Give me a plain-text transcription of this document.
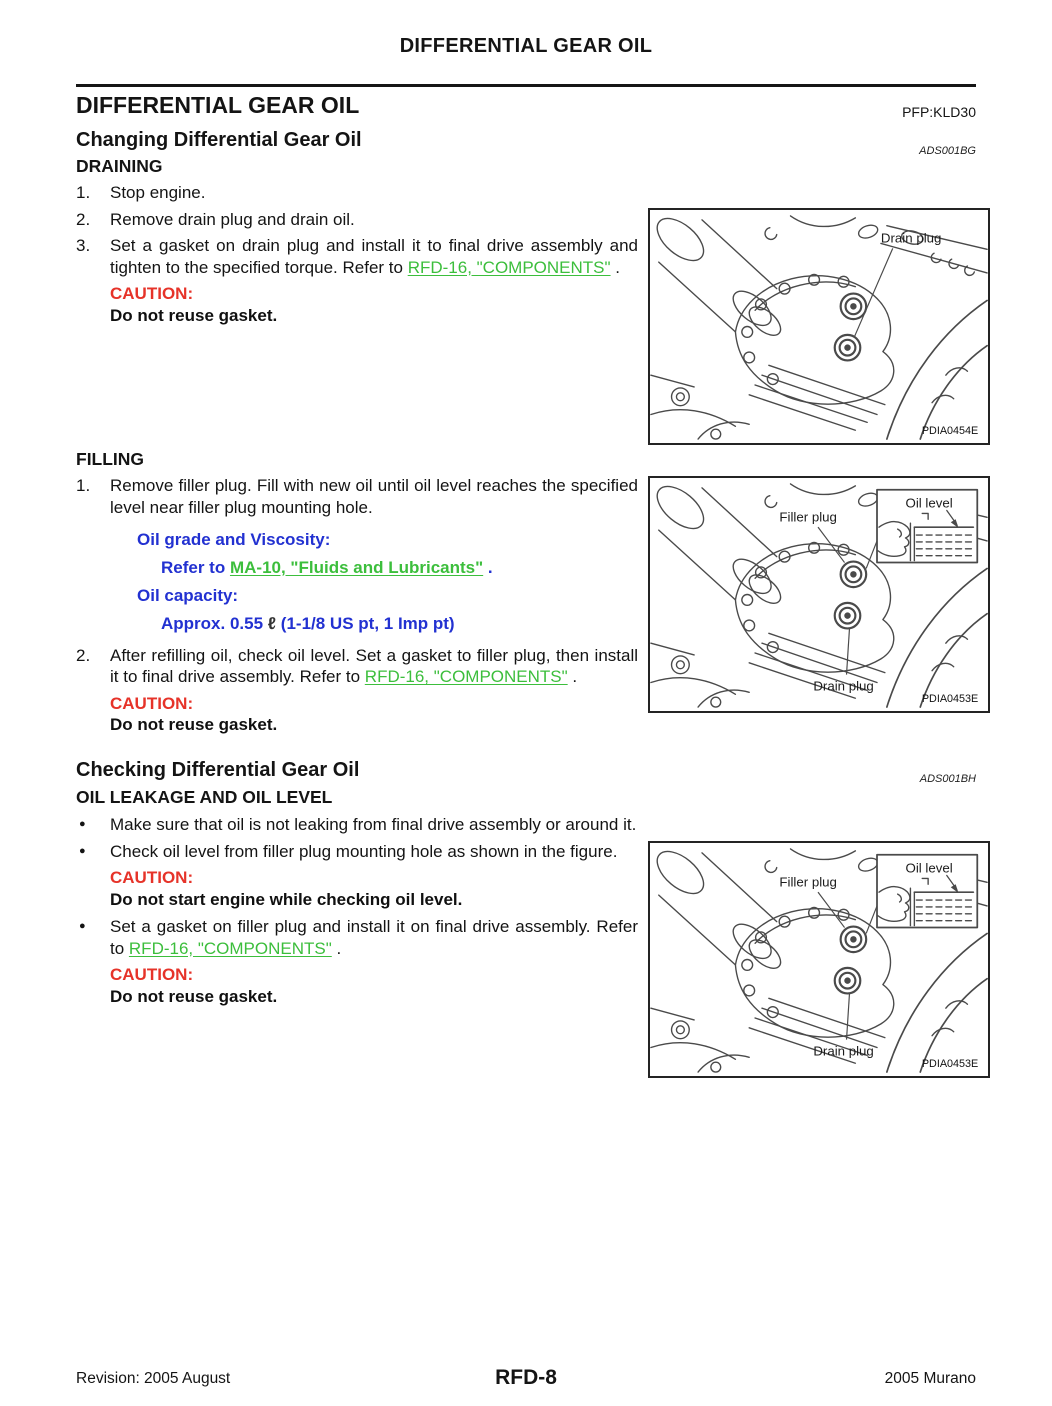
DIFFERENTIAL GEAR OIL
DIFFERENTIAL GEAR OIL	PFP:KLD30
Changing Differential Gear Oil	ADS001BG
DRAINING
1.	Stop engine.
2.	Remove drain plug and drain oil.
3.	Set a gasket on drain plug and install it to final drive assembly and tighten to the specified torque. Refer to RFD-16, "COMPONENTS" .
CAUTION:
Do not reuse gasket.
Drain plug
PDIA0454E
FILLING
1.	Remove filler plug. Fill with new oil until oil level reaches the specified level near filler plug mounting hole.
Oil grade and Viscosity:
Refer to MA-10, "Fluids and Lubricants" .
Oil capacity:
Approx. 0.55 ℓ (1-1/8 US pt, 1 Imp pt)
2.	After refilling oil, check oil level. Set a gasket to filler plug, then install it to final drive assembly. Refer to RFD-16, "COMPONENTS" .
CAUTION:
Do not reuse gasket.
Filler plug
Oil level
Drain plug
PDIA0453E
Checking Differential Gear Oil	ADS001BH
OIL LEAKAGE AND OIL LEVEL
●	Make sure that oil is not leaking from final drive assembly or around it.
●	Check oil level from filler plug mounting hole as shown in the figure.
CAUTION:
Do not start engine while checking oil level.
●	Set a gasket on filler plug and install it on final drive assembly. Refer to RFD-16, "COMPONENTS" .
CAUTION:
Do not reuse gasket.
Filler plug
Oil level
Drain plug
PDIA0453E
Revision: 2005 August	RFD-8	2005 Murano
